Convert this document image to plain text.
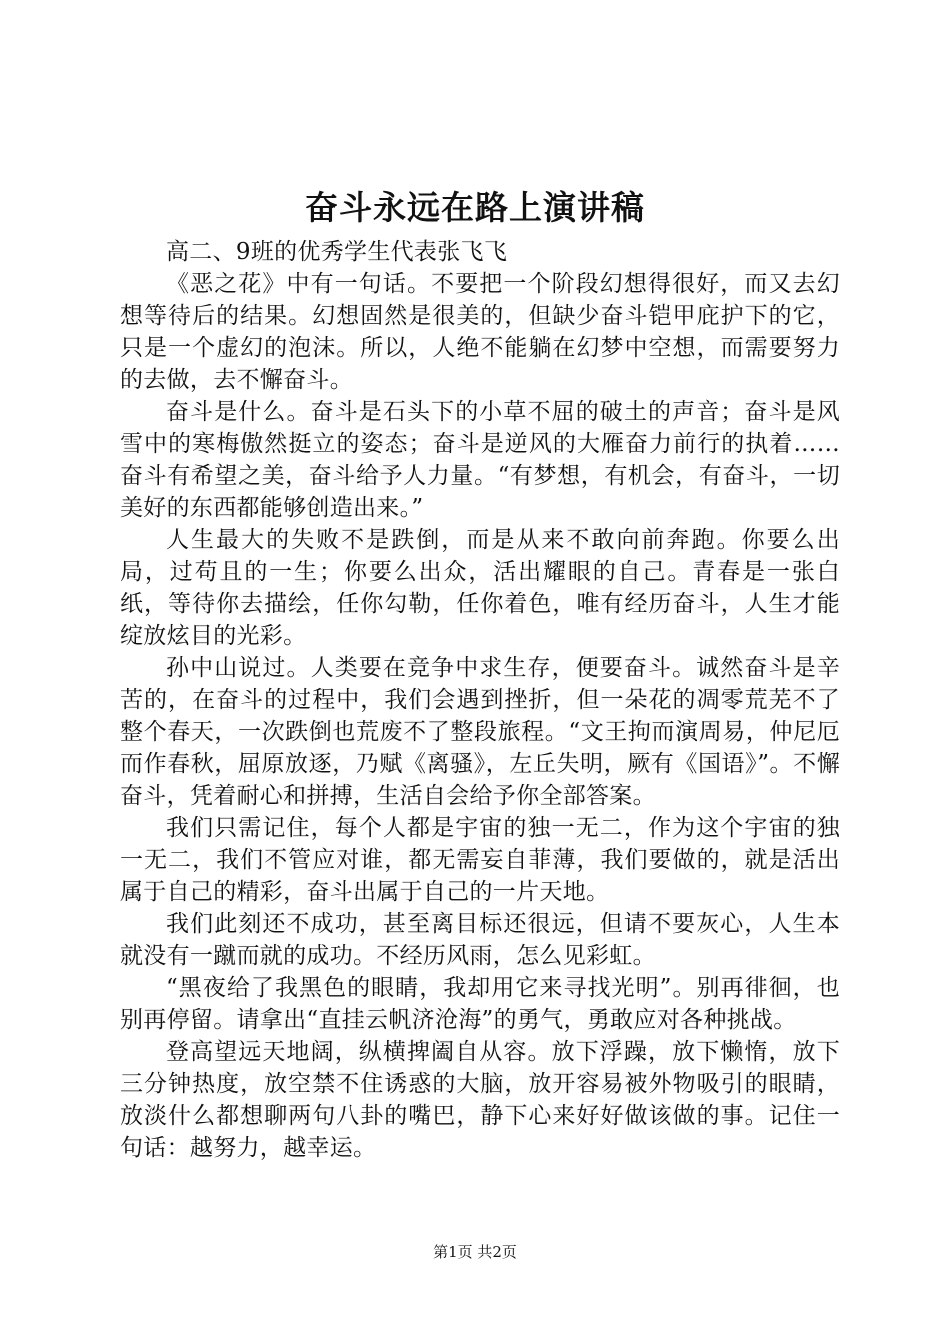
奋斗永远在路上演讲稿

高二、9班的优秀学生代表张飞飞

《恶之花》中有一句话。不要把一个阶段幻想得很好，而又去幻想等待后的结果。幻想固然是很美的，但缺少奋斗铠甲庇护下的它，只是一个虚幻的泡沫。所以，人绝不能躺在幻梦中空想，而需要努力的去做，去不懈奋斗。

奋斗是什么。奋斗是石头下的小草不屈的破土的声音；奋斗是风雪中的寒梅傲然挺立的姿态；奋斗是逆风的大雁奋力前行的执着……奋斗有希望之美，奋斗给予人力量。“有梦想，有机会，有奋斗，一切美好的东西都能够创造出来。”

人生最大的失败不是跌倒，而是从来不敢向前奔跑。你要么出局，过苟且的一生；你要么出众，活出耀眼的自己。青春是一张白纸，等待你去描绘，任你勾勒，任你着色，唯有经历奋斗，人生才能绽放炫目的光彩。

孙中山说过。人类要在竞争中求生存，便要奋斗。诚然奋斗是辛苦的，在奋斗的过程中，我们会遇到挫折，但一朵花的凋零荒芜不了整个春天，一次跌倒也荒废不了整段旅程。“文王拘而演周易，仲尼厄而作春秋，屈原放逐，乃赋《离骚》，左丘失明，厥有《国语》”。不懈奋斗，凭着耐心和拼搏，生活自会给予你全部答案。

我们只需记住，每个人都是宇宙的独一无二，作为这个宇宙的独一无二，我们不管应对谁，都无需妄自菲薄，我们要做的，就是活出属于自己的精彩，奋斗出属于自己的一片天地。

我们此刻还不成功，甚至离目标还很远，但请不要灰心，人生本就没有一蹴而就的成功。不经历风雨，怎么见彩虹。

“黑夜给了我黑色的眼睛，我却用它来寻找光明”。别再徘徊，也别再停留。请拿出“直挂云帆济沧海”的勇气，勇敢应对各种挑战。

登高望远天地阔，纵横捭阖自从容。放下浮躁，放下懒惰，放下三分钟热度，放空禁不住诱惑的大脑，放开容易被外物吸引的眼睛，放淡什么都想聊两句八卦的嘴巴，静下心来好好做该做的事。记住一句话：越努力，越幸运。

第1页 共2页
